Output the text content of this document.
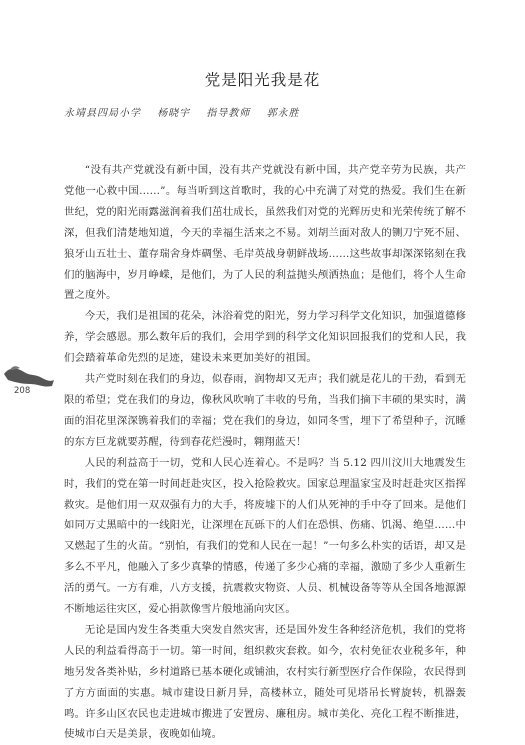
党是阳光我是花
永靖县四局小学 杨晓宇 指导教师 郭永胜

“没有共产党就没有新中国，没有共产党就没有新中国，共产党辛劳为民族，共产党他一心救中国……”。每当听到这首歌时，我的心中充满了对党的热爱。我们生在新世纪，党的阳光雨露滋润着我们茁壮成长，虽然我们对党的光辉历史和光荣传统了解不深，但我们清楚地知道，今天的幸福生活来之不易。刘胡兰面对敌人的铡刀宁死不屈、狼牙山五壮士、董存瑞舍身炸碉堡、毛岸英战身朝鲜战场……这些故事却深深铭刻在我们的脑海中，岁月峥嵘，是他们，为了人民的利益抛头颅洒热血；是他们，将个人生命置之度外。

今天，我们是祖国的花朵，沐浴着党的阳光，努力学习科学文化知识，加强道德修养，学会感恩。那么数年后的我们，会用学到的科学文化知识回报我们的党和人民，我们会踏着革命先烈的足迹，建设未来更加美好的祖国。

共产党时刻在我们的身边，似春雨，润物却又无声；我们就是花儿的干劲，看到无限的希望；党在我们的身边，像秋风吹响了丰收的号角，当我们摘下丰硕的果实时，满面的泪花里深深镌着我们的幸福；党在我们的身边，如同冬雪，埋下了希望种子，沉睡的东方巨龙就要苏醒，待到春花烂漫时，翱翔蓝天！

人民的利益高于一切，党和人民心连着心。不是吗？当 5.12 四川汶川大地震发生时，我们的党在第一时间赶赴灾区，投入抢险救灾。国家总理温家宝及时赶赴灾区指挥救灾。是他们用一双双强有力的大手，将废墟下的人们从死神的手中夺了回来。是他们如同万丈黑暗中的一线阳光，让深埋在瓦砾下的人们在恐惧、伤痛、饥渴、绝望……中又燃起了生的火苗。“别怕，有我们的党和人民在一起！”一句多么朴实的话语，却又是多么不平凡，他融入了多少真挚的情感，传递了多少心痛的幸福，激励了多少人重新生活的勇气。一方有难，八方支援，抗震救灾物资、人员、机械设备等等从全国各地源源不断地运往灾区，爱心捐款像雪片般地涌向灾区。

无论是国内发生各类重大突发自然灾害，还是国外发生各种经济危机，我们的党将人民的利益看得高于一切。第一时间，组织救灾套救。如今，农村免征农业税多年，种地另发各类补贴，乡村道路已基本硬化或铺油，农村实行新型医疗合作保险，农民得到了方方面面的实惠。城市建设日新月异，高楼林立，随处可见塔吊长臂旋转，机器轰鸣。许多山区农民也走进城市搬进了安置房、廉租房。城市美化、亮化工程不断推进，使城市白天是美景，夜晚如仙境。

208
